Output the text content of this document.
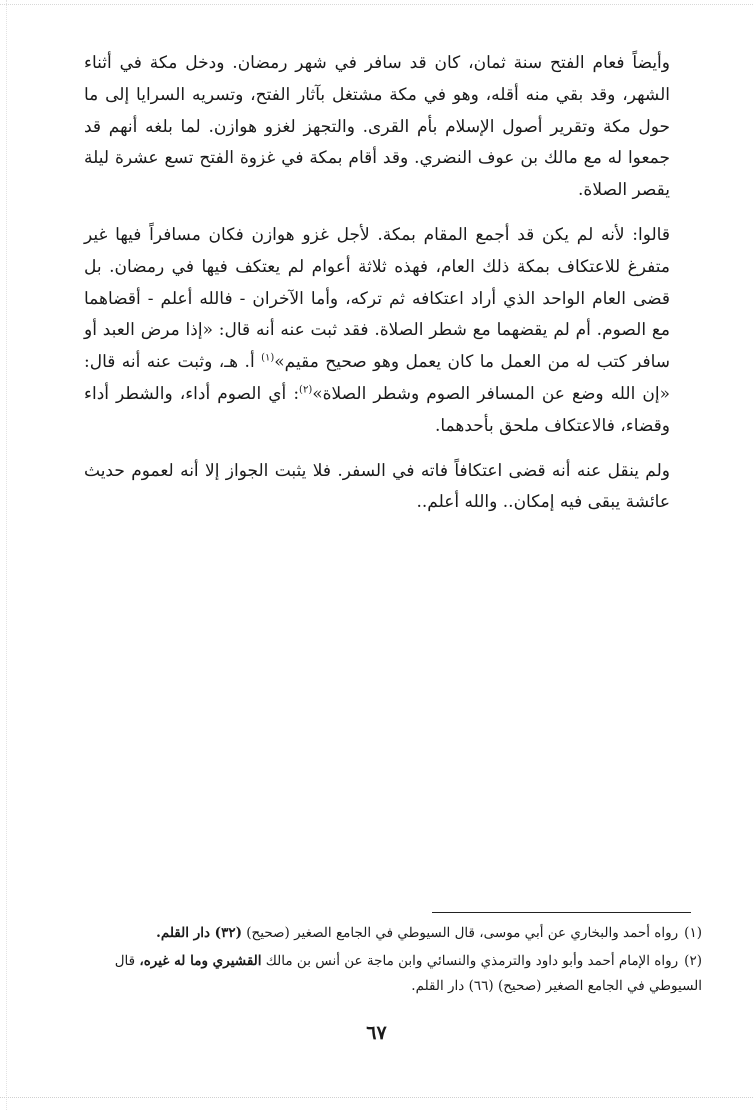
وأيضاً فعام الفتح سنة ثمان، كان قد سافر في شهر رمضان. ودخل مكة في أثناء الشهر، وقد بقي منه أقله، وهو في مكة مشتغل بآثار الفتح، وتسريه السرايا إلى ما حول مكة وتقرير أصول الإسلام بأم القرى. والتجهز لغزو هوازن. لما بلغه أنهم قد جمعوا له مع مالك بن عوف النضري. وقد أقام بمكة في غزوة الفتح تسع عشرة ليلة يقصر الصلاة.

قالوا: لأنه لم يكن قد أجمع المقام بمكة. لأجل غزو هوازن فكان مسافراً فيها غير متفرغ للاعتكاف بمكة ذلك العام، فهذه ثلاثة أعوام لم يعتكف فيها في رمضان. بل قضى العام الواحد الذي أراد اعتكافه ثم تركه، وأما الآخران - فالله أعلم - أقضاهما مع الصوم. أم لم يقضهما مع شطر الصلاة. فقد ثبت عنه أنه قال: «إذا مرض العبد أو سافر كتب له من العمل ما كان يعمل وهو صحيح مقيم»$^{(١)}$ أ. هـ، وثبت عنه أنه قال: «إن الله وضع عن المسافر الصوم وشطر الصلاة»$^{(٢)}$: أي الصوم أداء، والشطر أداء وقضاء، فالاعتكاف ملحق بأحدهما.

ولم ينقل عنه أنه قضى اعتكافاً فاته في السفر. فلا يثبت الجواز إلا أنه لعموم حديث عائشة يبقى فيه إمكان.. والله أعلم..

(١)رواه أحمد والبخاري عن أبي موسى، قال السيوطي في الجامع الصغير (صحيح) (٣٢) دار القلم.

(٢)رواه الإمام أحمد وأبو داود والترمذي والنسائي وابن ماجة عن أنس بن مالك القشيري وما له غيره، قال السيوطي في الجامع الصغير (صحيح) (٦٦) دار القلم.

٦٧
